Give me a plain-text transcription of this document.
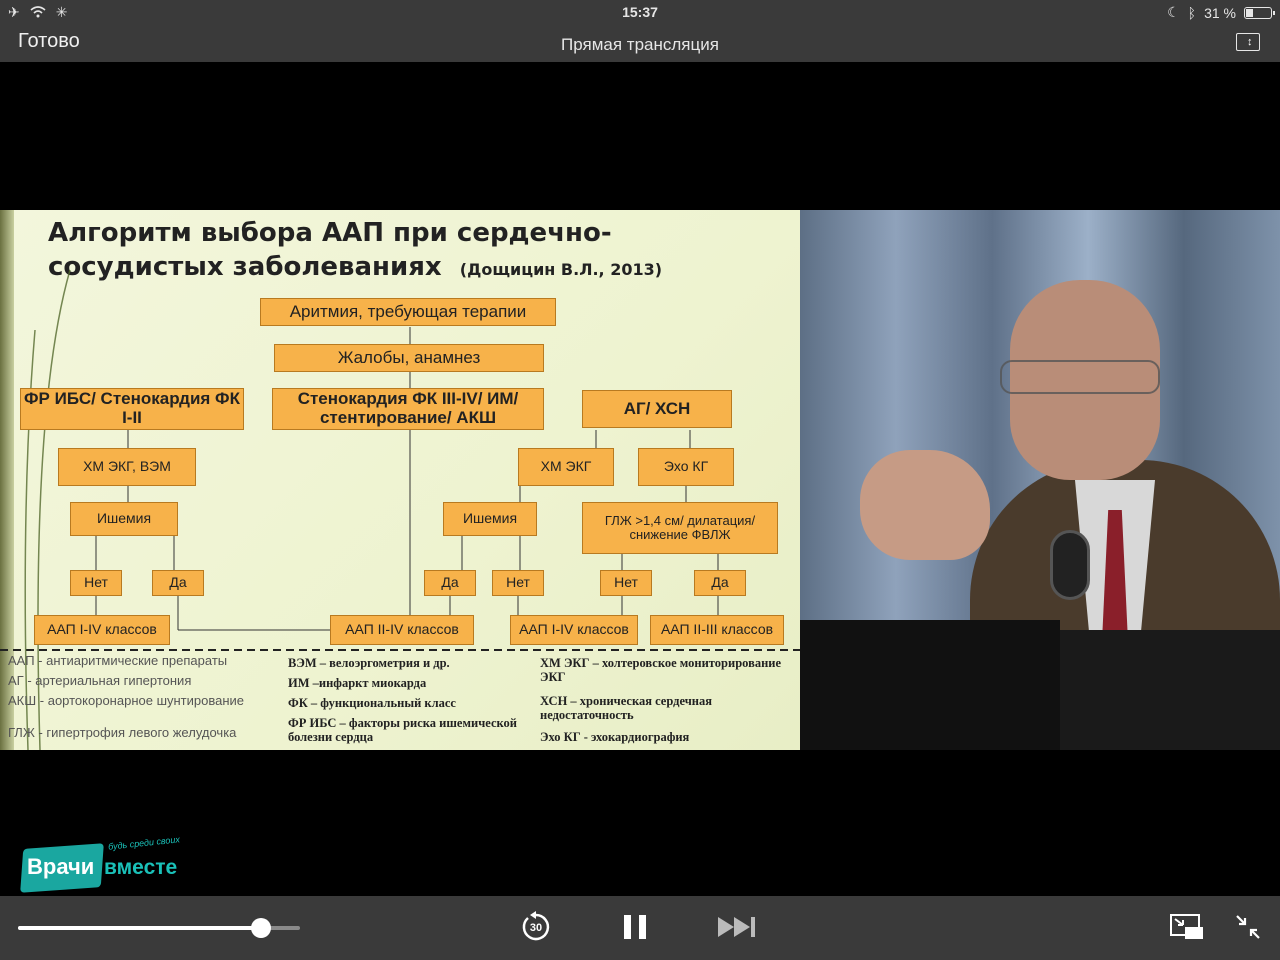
✈	✳	15:37	☾ ᛒ 31 %
Готово	Прямая трансляция	↕
Алгоритм выбора ААП при сердечно-
сосудистых заболеваниях (Дощицин В.Л., 2013)
Аритмия, требующая терапии
Жалобы, анамнез
ФР ИБС/ Стенокардия ФК I-II
Стенокардия ФК III-IV/ ИМ/ стентирование/ АКШ	АГ/ ХСН
ХМ ЭКГ, ВЭМ	ХМ ЭКГ	Эхо КГ
Ишемия	Ишемия	ГЛЖ >1,4 см/ дилатация/ снижение ФВЛЖ
Нет	Да	Да	Нет	Нет	Да
ААП I-IV классов	ААП II-IV классов	ААП I-IV классов	ААП II-III классов
ААП - антиаритмические препараты
АГ - артериальная гипертония
АКШ - аортокоронарное шунтирование
ГЛЖ - гипертрофия левого желудочка
ВЭМ – велоэргометрия и др.
ИМ –инфаркт миокарда
ФК – функциональный класс
ФР ИБС – факторы риска ишемической болезни сердца
ХМ ЭКГ – холтеровское мониторирование ЭКГ
ХСН – хроническая сердечная недостаточность
Эхо КГ - эхокардиография
Врачи вместе
будь среди своих
30
